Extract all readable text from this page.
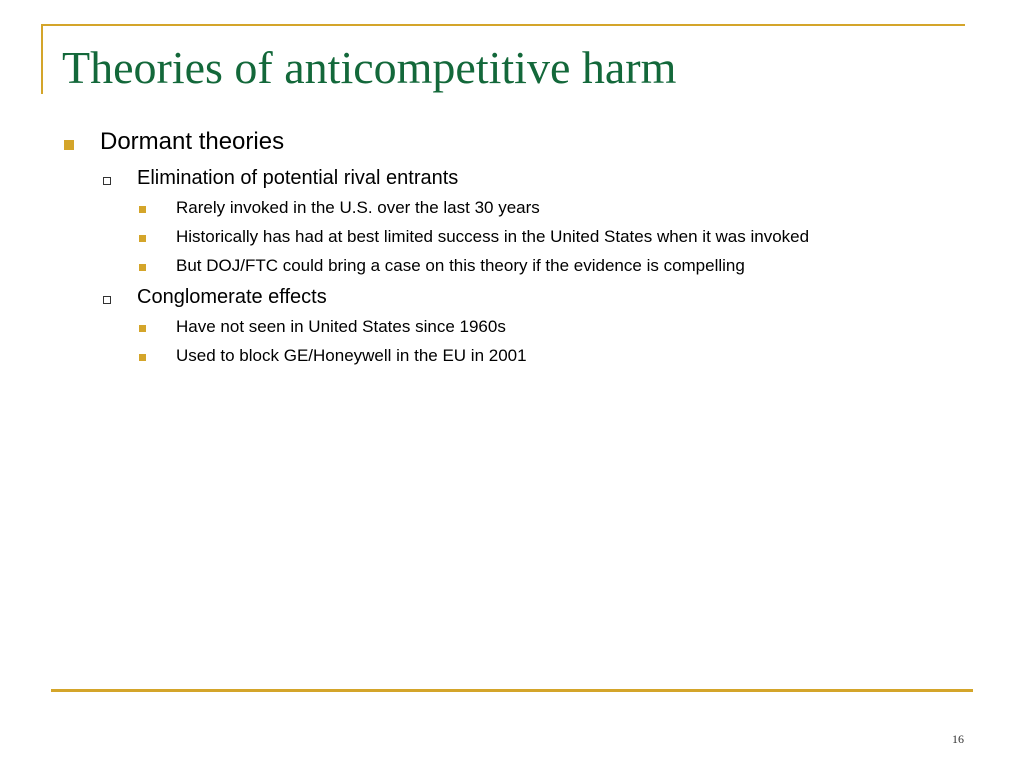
Theories of anticompetitive harm
Dormant theories
Elimination of potential rival entrants
Rarely invoked in the U.S. over the last 30 years
Historically has had at best limited success in the United States when it was invoked
But DOJ/FTC could bring a case on this theory if the evidence is compelling
Conglomerate effects
Have not seen in United States since 1960s
Used to block GE/Honeywell in the EU in 2001
16
